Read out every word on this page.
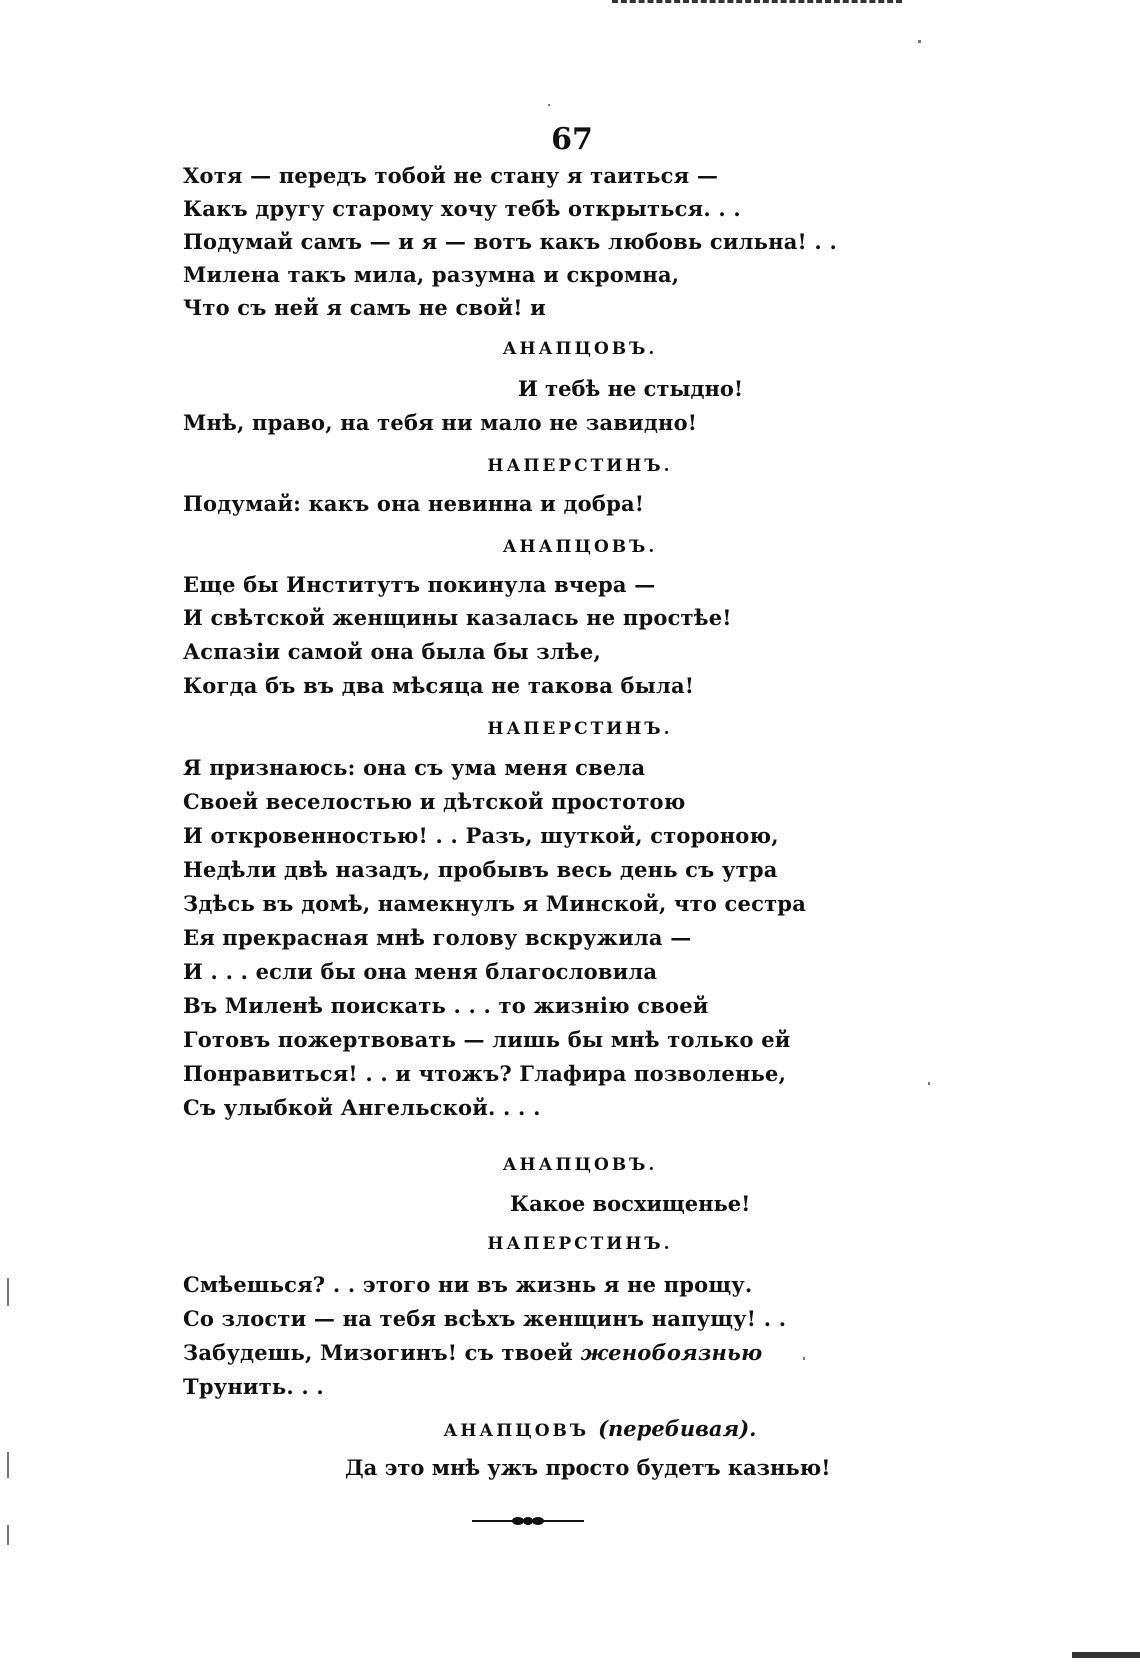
67
Хотя — передъ тобой не стану я таиться —
Какъ другу старому хочу тебѣ открыться. . .
Подумай самъ — и я — вотъ какъ любовь сильна! . .
Милена такъ мила, разумна и скромна,
Что съ ней я самъ не свой! и
АНАПЦОВЪ.
И тебѣ не стыдно!
Мнѣ, право, на тебя ни мало не завидно!
НАПЕРСТИНЪ.
Подумай: какъ она невинна и добра!
АНАПЦОВЪ.
Еще бы Институтъ покинула вчера —
И свѣтской женщины казалась не простѣе!
Аспазіи самой она была бы злѣе,
Когда бъ въ два мѣсяца не такова была!
НАПЕРСТИНЪ.
Я признаюсь: она съ ума меня свела
Своей веселостью и дѣтской простотою
И откровенностью! . . Разъ, шуткой, стороною,
Недѣли двѣ назадъ, пробывъ весь день съ утра
Здѣсь въ домѣ, намекнулъ я Минской, что сестра
Ея прекрасная мнѣ голову вскружила —
И . . . если бы она меня благословила
Въ Миленѣ поискать . . . то жизнію своей
Готовъ пожертвовать — лишь бы мнѣ только ей
Понравиться! . . и чтожъ? Глафира позволенье,
Съ улыбкой Ангельской. . . .
АНАПЦОВЪ.
Какое восхищенье!
НАПЕРСТИНЪ.
Смѣешься? . . этого ни въ жизнь я не прощу.
Со злости — на тебя всѣхъ женщинъ напущу! . .
Забудешь, Мизогинъ! съ твоей женобоязнью
Трунить. . .
АНАПЦОВЪ (перебивая).
Да это мнѣ ужъ просто будетъ казнью!
